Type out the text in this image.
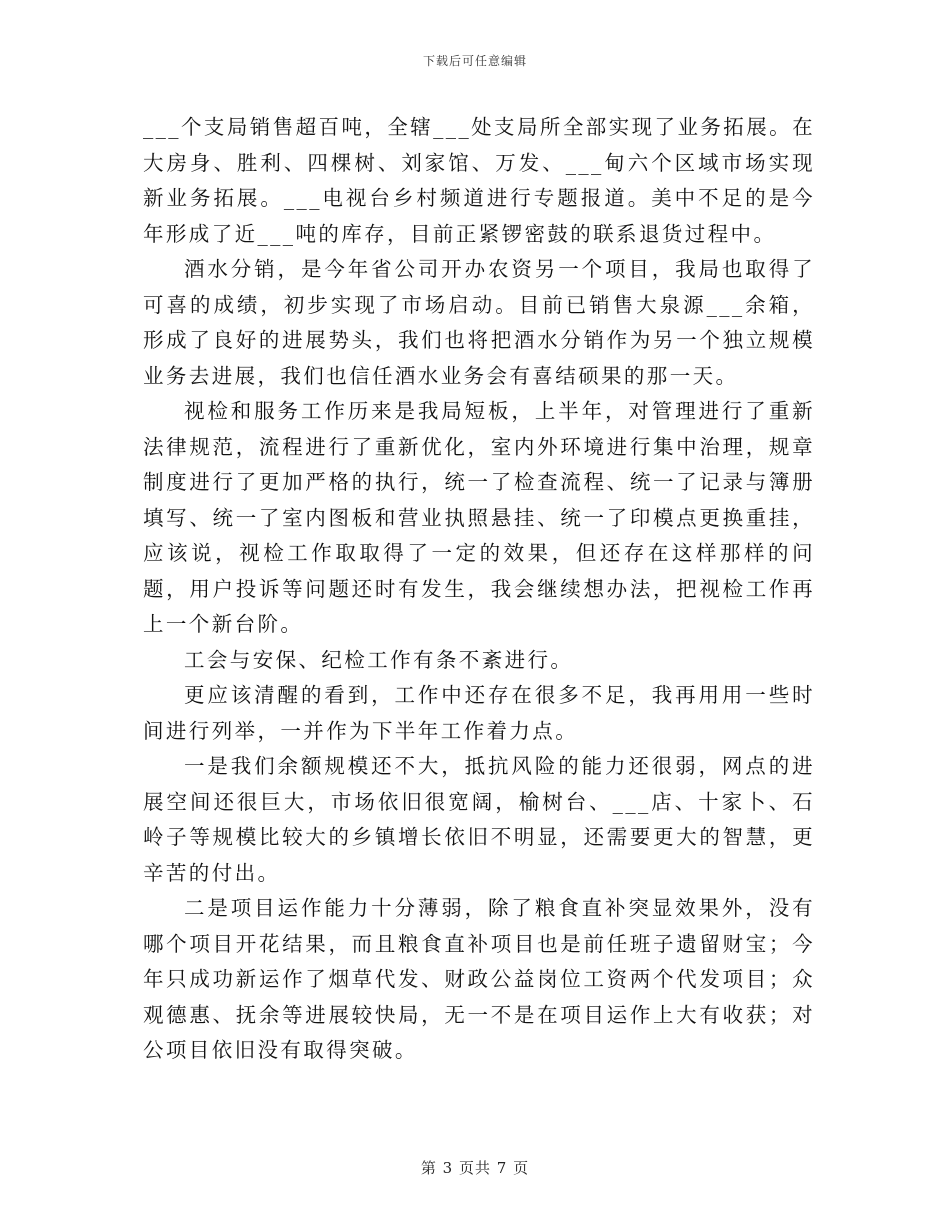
下载后可任意编辑

___个支局销售超百吨，全辖___处支局所全部实现了业务拓展。在大房身、胜利、四棵树、刘家馆、万发、___甸六个区域市场实现新业务拓展。___电视台乡村频道进行专题报道。美中不足的是今年形成了近___吨的库存，目前正紧锣密鼓的联系退货过程中。

酒水分销，是今年省公司开办农资另一个项目，我局也取得了可喜的成绩，初步实现了市场启动。目前已销售大泉源___余箱，形成了良好的进展势头，我们也将把酒水分销作为另一个独立规模业务去进展，我们也信任酒水业务会有喜结硕果的那一天。

视检和服务工作历来是我局短板，上半年，对管理进行了重新法律规范，流程进行了重新优化，室内外环境进行集中治理，规章制度进行了更加严格的执行，统一了检查流程、统一了记录与簿册填写、统一了室内图板和营业执照悬挂、统一了印模点更换重挂，应该说，视检工作取取得了一定的效果，但还存在这样那样的问题，用户投诉等问题还时有发生，我会继续想办法，把视检工作再上一个新台阶。

工会与安保、纪检工作有条不紊进行。

更应该清醒的看到，工作中还存在很多不足，我再用用一些时间进行列举，一并作为下半年工作着力点。

一是我们余额规模还不大，抵抗风险的能力还很弱，网点的进展空间还很巨大，市场依旧很宽阔，榆树台、___店、十家卜、石岭子等规模比较大的乡镇增长依旧不明显，还需要更大的智慧，更辛苦的付出。

二是项目运作能力十分薄弱，除了粮食直补突显效果外，没有哪个项目开花结果，而且粮食直补项目也是前任班子遗留财宝；今年只成功新运作了烟草代发、财政公益岗位工资两个代发项目；众观德惠、抚余等进展较快局，无一不是在项目运作上大有收获；对公项目依旧没有取得突破。

第 3 页共 7 页
